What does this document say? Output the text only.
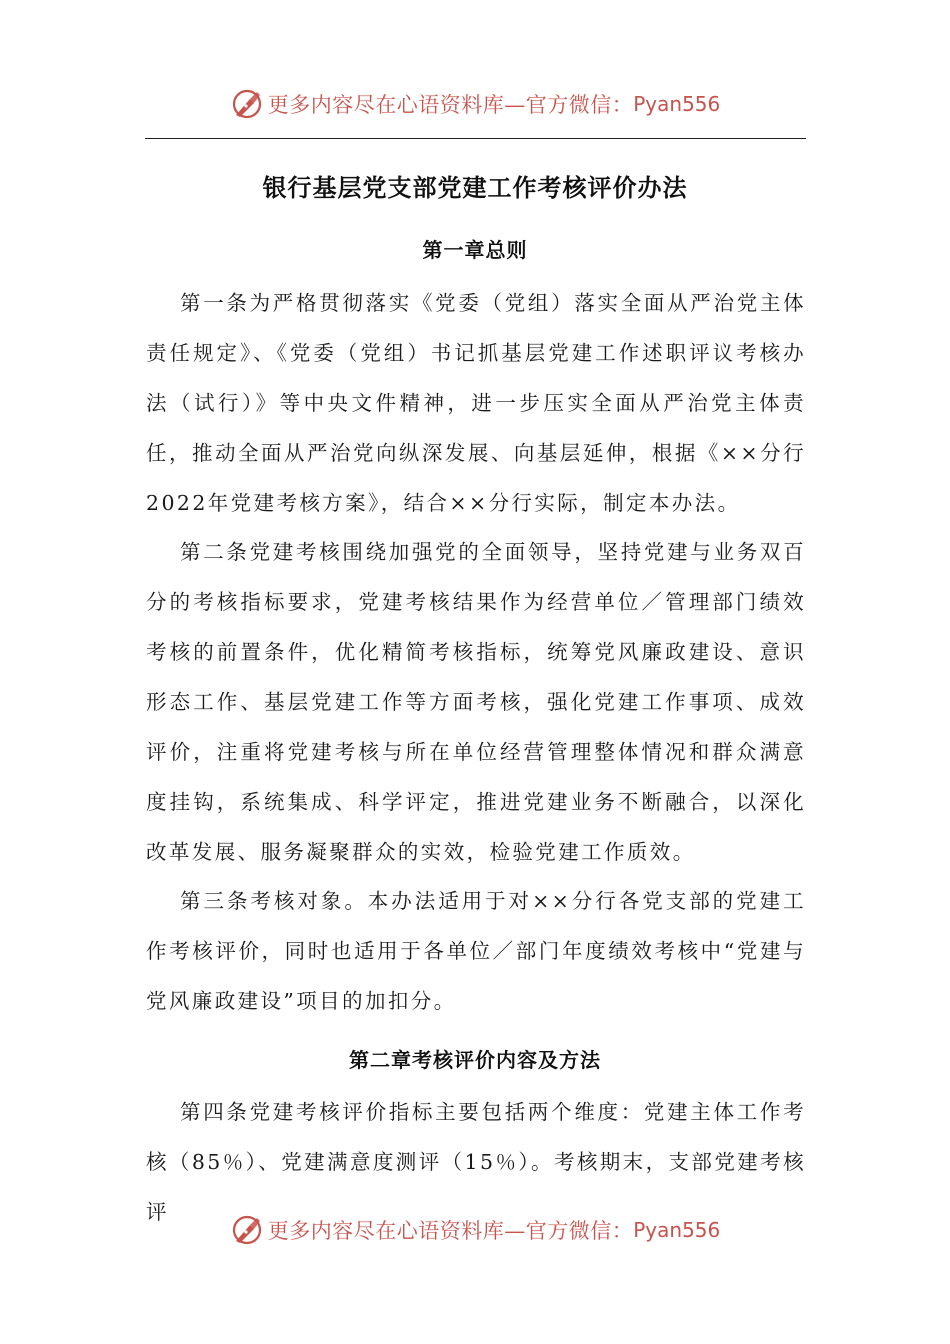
更多内容尽在心语资料库—官方微信： Pyan556
银行基层党支部党建工作考核评价办法
第一章总则

第一条为严格贯彻落实《党委（党组）落实全面从严治党主体责任规定》、《党委（党组）书记抓基层党建工作述职评议考核办法（试行）》等中央文件精神，进一步压实全面从严治党主体责任，推动全面从严治党向纵深发展、向基层延伸，根据《××分行2022年党建考核方案》，结合××分行实际，制定本办法。

第二条党建考核围绕加强党的全面领导，坚持党建与业务双百分的考核指标要求，党建考核结果作为经营单位／管理部门绩效考核的前置条件，优化精简考核指标，统筹党风廉政建设、意识形态工作、基层党建工作等方面考核，强化党建工作事项、成效评价，注重将党建考核与所在单位经营管理整体情况和群众满意度挂钩，系统集成、科学评定，推进党建业务不断融合，以深化改革发展、服务凝聚群众的实效，检验党建工作质效。

第三条考核对象。本办法适用于对××分行各党支部的党建工作考核评价，同时也适用于各单位／部门年度绩效考核中“党建与党风廉政建设”项目的加扣分。

第二章考核评价内容及方法

第四条党建考核评价指标主要包括两个维度：党建主体工作考核（85％）、党建满意度测评（15％）。考核期末，支部党建考核评

更多内容尽在心语资料库—官方微信： Pyan556
